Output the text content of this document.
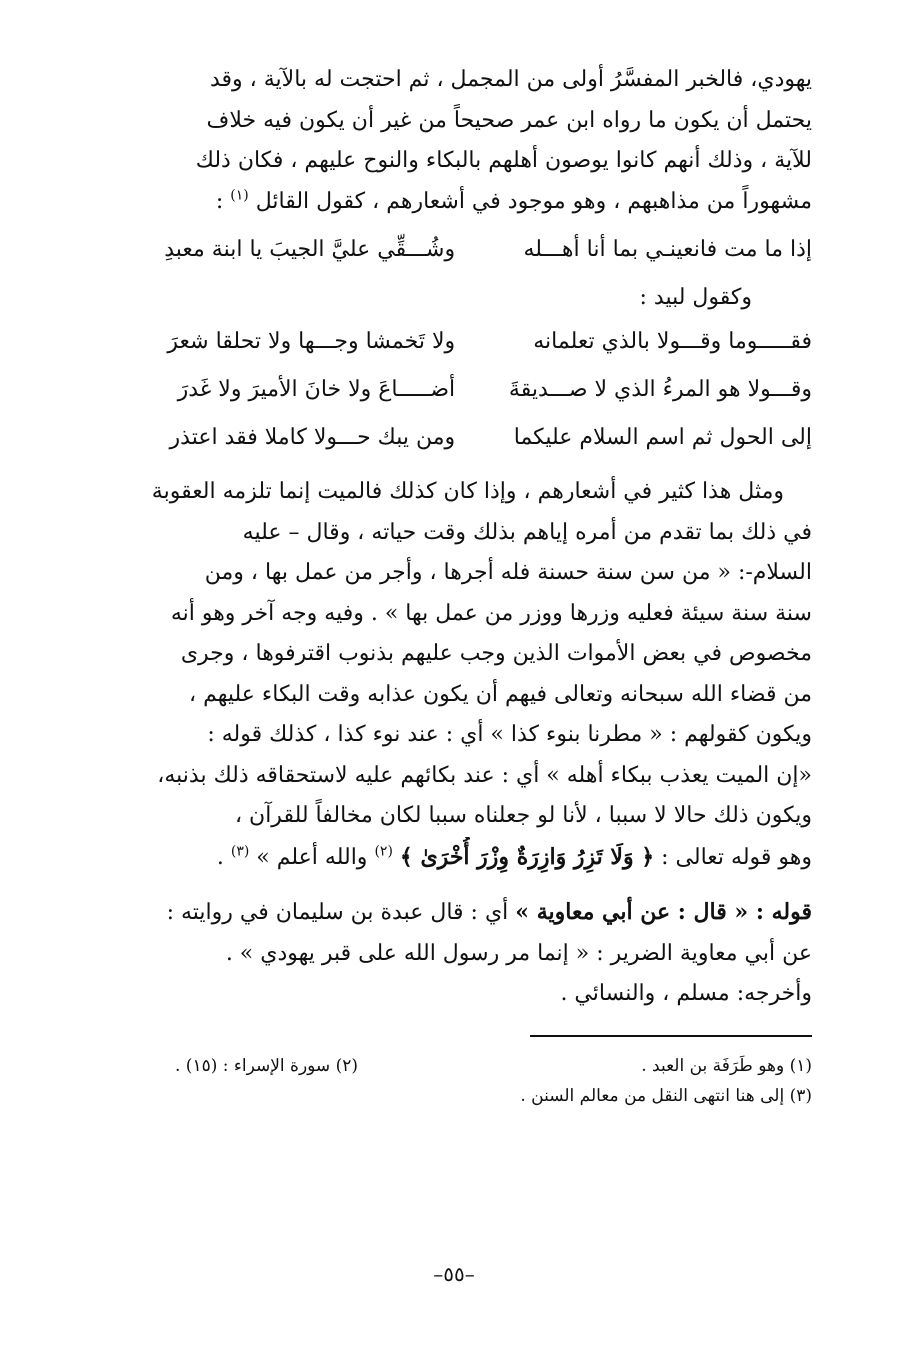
يهودي، فالخبر المفسَّرُ أولى من المجمل ، ثم احتجت له بالآية ، وقد
يحتمل أن يكون ما رواه ابن عمر صحيحاً من غير أن يكون فيه خلاف
للآية ، وذلك أنهم كانوا يوصون أهلهم بالبكاء والنوح عليهم ، فكان ذلك
مشهوراً من مذاهبهم ، وهو موجود في أشعارهم ، كقول القائل $^{(١)}$ :

إذا ما مت فانعينـي بما أنا أهـــله
وشُـــقِّي عليَّ الجيبَ يا ابنة معبدِ
وكقول لبيد :
فقـــــوما وقـــولا بالذي تعلمانه
ولا تَخمشا وجـــها ولا تحلقا شعرَ
وقـــولا هو المرءُ الذي لا صـــديقةَ
أضـــــاعَ ولا خانَ الأميرَ ولا غَدرَ
إلى الحول ثم اسم السلام عليكما
ومن يبك حـــولا كاملا فقد اعتذر

ومثل هذا كثير في أشعارهم ، وإذا كان كذلك فالميت إنما تلزمه العقوبة
في ذلك بما تقدم من أمره إياهم بذلك وقت حياته ، وقال – عليه
السلام-: « من سن سنة حسنة فله أجرها ، وأجر من عمل بها ، ومن
سنة سنة سيئة فعليه وزرها ووزر من عمل بها » . وفيه وجه آخر وهو أنه
مخصوص في بعض الأموات الذين وجب عليهم بذنوب اقترفوها ، وجرى
من قضاء الله سبحانه وتعالى فيهم أن يكون عذابه وقت البكاء عليهم ،
ويكون كقولهم : « مطرنا بنوء كذا » أي : عند نوء كذا ، كذلك قوله :
«إن الميت يعذب ببكاء أهله » أي : عند بكائهم عليه لاستحقاقه ذلك بذنبه،
ويكون ذلك حالا لا سببا ، لأنا لو جعلناه سببا لكان مخالفاً للقرآن ،
وهو قوله تعالى : ﴿ وَلَا تَزِرُ وَازِرَةٌ وِزْرَ أُخْرَىٰ ﴾ $^{(٢)}$ والله أعلم » $^{(٣)}$ .

قوله : « قال : عن أبي معاوية » أي : قال عبدة بن سليمان في روايته :
عن أبي معاوية الضرير : « إنما مر رسول الله على قبر يهودي » .
وأخرجه: مسلم ، والنسائي .

(١) وهو طَرَفَة بن العبد .
(٢) سورة الإسراء : (١٥) .
(٣) إلى هنا انتهى النقل من معالم السنن .
–٥٥–
